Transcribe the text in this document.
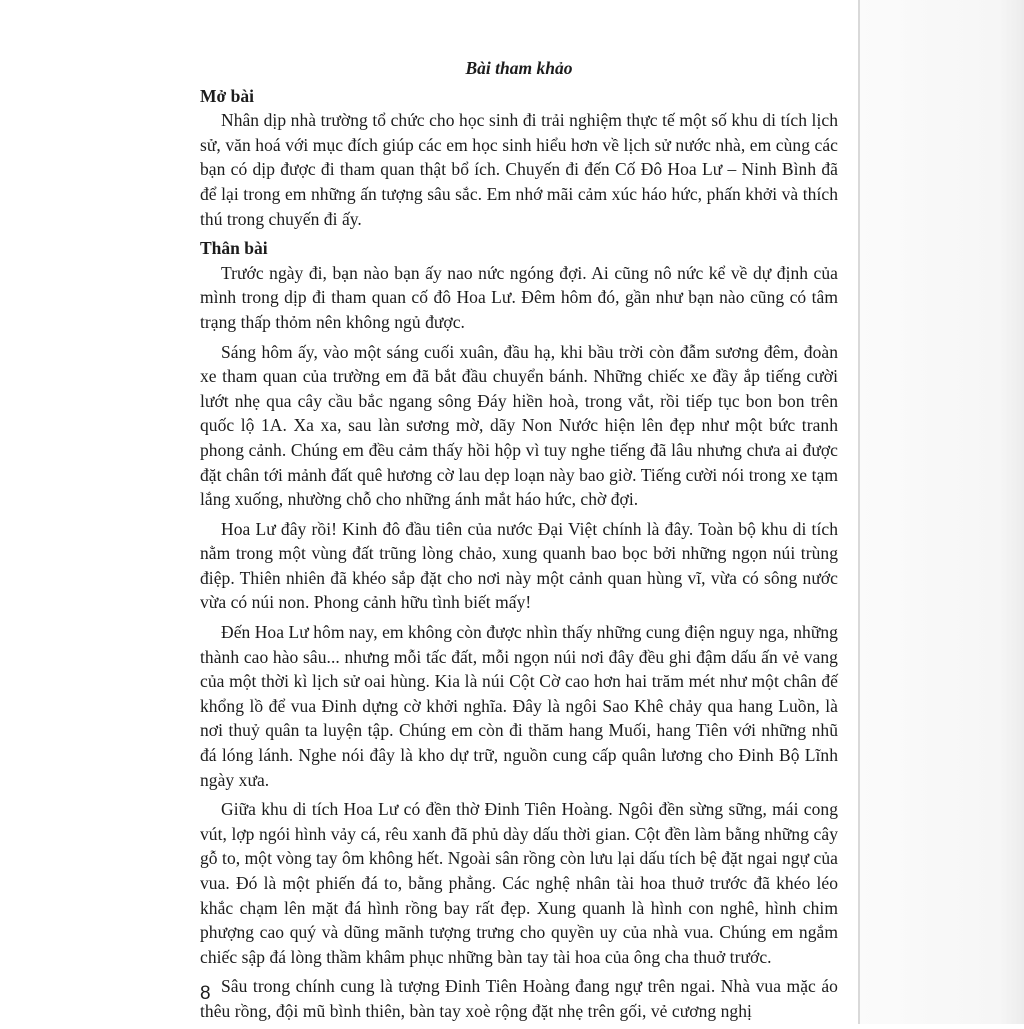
Bài tham khảo
Mở bài

Nhân dịp nhà trường tổ chức cho học sinh đi trải nghiệm thực tế một số khu di tích lịch sử, văn hoá với mục đích giúp các em học sinh hiểu hơn về lịch sử nước nhà, em cùng các bạn có dịp được đi tham quan thật bổ ích. Chuyến đi đến Cố Đô Hoa Lư – Ninh Bình đã để lại trong em những ấn tượng sâu sắc. Em nhớ mãi cảm xúc háo hức, phấn khởi và thích thú trong chuyến đi ấy.

Thân bài

Trước ngày đi, bạn nào bạn ấy nao nức ngóng đợi. Ai cũng nô nức kể về dự định của mình trong dịp đi tham quan cố đô Hoa Lư. Đêm hôm đó, gần như bạn nào cũng có tâm trạng thấp thỏm nên không ngủ được.

Sáng hôm ấy, vào một sáng cuối xuân, đầu hạ, khi bầu trời còn đẫm sương đêm, đoàn xe tham quan của trường em đã bắt đầu chuyển bánh. Những chiếc xe đầy ắp tiếng cười lướt nhẹ qua cây cầu bắc ngang sông Đáy hiền hoà, trong vắt, rồi tiếp tục bon bon trên quốc lộ 1A. Xa xa, sau làn sương mờ, dãy Non Nước hiện lên đẹp như một bức tranh phong cảnh. Chúng em đều cảm thấy hồi hộp vì tuy nghe tiếng đã lâu nhưng chưa ai được đặt chân tới mảnh đất quê hương cờ lau dẹp loạn này bao giờ. Tiếng cười nói trong xe tạm lắng xuống, nhường chỗ cho những ánh mắt háo hức, chờ đợi.

Hoa Lư đây rồi! Kinh đô đầu tiên của nước Đại Việt chính là đây. Toàn bộ khu di tích nằm trong một vùng đất trũng lòng chảo, xung quanh bao bọc bởi những ngọn núi trùng điệp. Thiên nhiên đã khéo sắp đặt cho nơi này một cảnh quan hùng vĩ, vừa có sông nước vừa có núi non. Phong cảnh hữu tình biết mấy!

Đến Hoa Lư hôm nay, em không còn được nhìn thấy những cung điện nguy nga, những thành cao hào sâu... nhưng mỗi tấc đất, mỗi ngọn núi nơi đây đều ghi đậm dấu ấn vẻ vang của một thời kì lịch sử oai hùng. Kia là núi Cột Cờ cao hơn hai trăm mét như một chân đế khổng lồ để vua Đinh dựng cờ khởi nghĩa. Đây là ngôi Sao Khê chảy qua hang Luồn, là nơi thuỷ quân ta luyện tập. Chúng em còn đi thăm hang Muối, hang Tiên với những nhũ đá lóng lánh. Nghe nói đây là kho dự trữ, nguồn cung cấp quân lương cho Đinh Bộ Lĩnh ngày xưa.

Giữa khu di tích Hoa Lư có đền thờ Đinh Tiên Hoàng. Ngôi đền sừng sững, mái cong vút, lợp ngói hình vảy cá, rêu xanh đã phủ dày dấu thời gian. Cột đền làm bằng những cây gỗ to, một vòng tay ôm không hết. Ngoài sân rồng còn lưu lại dấu tích bệ đặt ngai ngự của vua. Đó là một phiến đá to, bằng phẳng. Các nghệ nhân tài hoa thuở trước đã khéo léo khắc chạm lên mặt đá hình rồng bay rất đẹp. Xung quanh là hình con nghê, hình chim phượng cao quý và dũng mãnh tượng trưng cho quyền uy của nhà vua. Chúng em ngắm chiếc sập đá lòng thầm khâm phục những bàn tay tài hoa của ông cha thuở trước.

Sâu trong chính cung là tượng Đinh Tiên Hoàng đang ngự trên ngai. Nhà vua mặc áo thêu rồng, đội mũ bình thiên, bàn tay xoè rộng đặt nhẹ trên gối, vẻ cương nghị

8
